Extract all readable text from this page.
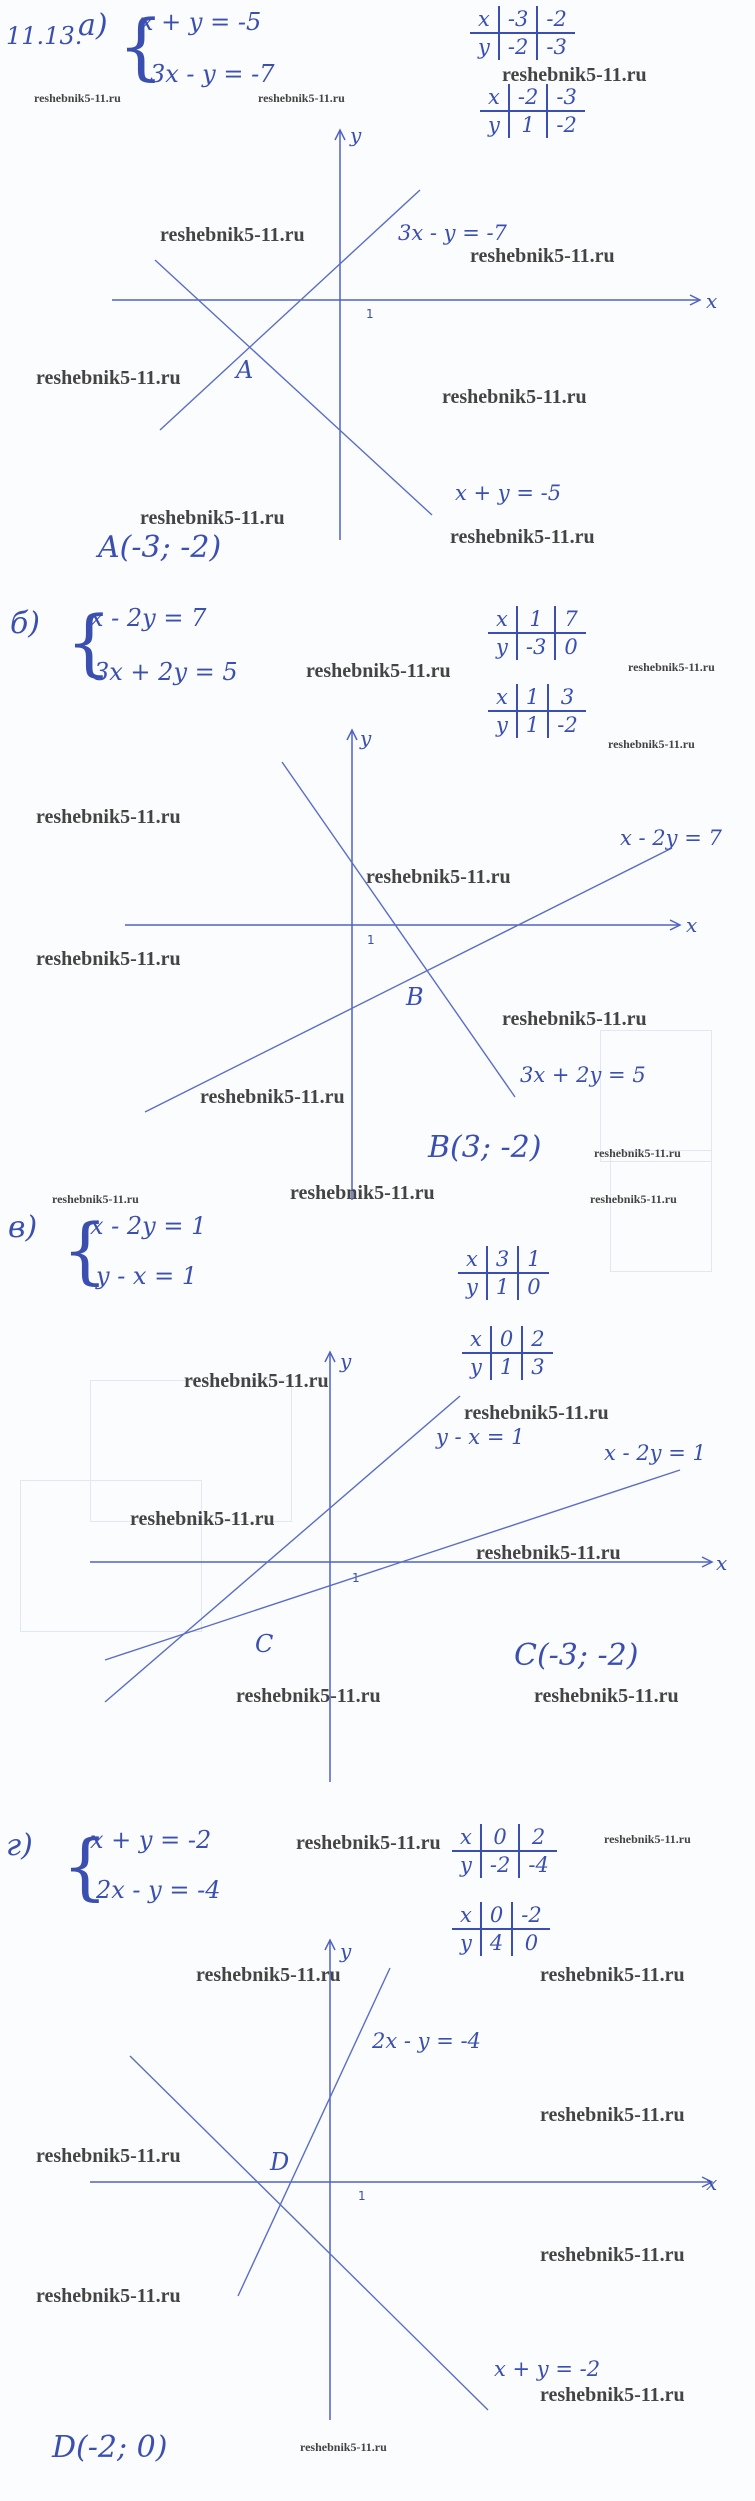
11.13.
а) {
x + y = -5
3x - y = -7
x	-3	-2
y	-2	-3
x	-2	-3
y	1	-2
x
y
1
3x - y = -7
x + y = -5
A
A(-3; -2)
reshebnik5-11.ru	reshebnik5-11.ru
reshebnik5-11.ru
reshebnik5-11.ru
reshebnik5-11.ru
reshebnik5-11.ru
reshebnik5-11.ru
reshebnik5-11.ru
reshebnik5-11.ru
б) {
x - 2y = 7
3x + 2y = 5
x	1	7
y	-3	0
x	1	3
y	1	-2
x
y
1
x - 2y = 7
3x + 2y = 5
B
B(3; -2)
reshebnik5-11.ru	reshebnik5-11.ru
reshebnik5-11.ru
reshebnik5-11.ru
reshebnik5-11.ru
reshebnik5-11.ru
reshebnik5-11.ru
reshebnik5-11.ru
reshebnik5-11.ru
reshebnik5-11.ru	reshebnik5-11.ru	reshebnik5-11.ru
в) {
x - 2y = 1
y - x = 1
x	3	1
y	1	0
x	0	2
y	1	3
x
y
1
y - x = 1
x - 2y = 1
C	C(-3; -2)
reshebnik5-11.ru
reshebnik5-11.ru
reshebnik5-11.ru
reshebnik5-11.ru
reshebnik5-11.ru	reshebnik5-11.ru
г) {
x + y = -2
2x - y = -4
x	0	2
y	-2	-4
x	0	-2
y	4	0
x
y
1
2x - y = -4
x + y = -2
D
D(-2; 0)
reshebnik5-11.ru	reshebnik5-11.ru
reshebnik5-11.ru	reshebnik5-11.ru
reshebnik5-11.ru
reshebnik5-11.ru
reshebnik5-11.ru
reshebnik5-11.ru
reshebnik5-11.ru
reshebnik5-11.ru
